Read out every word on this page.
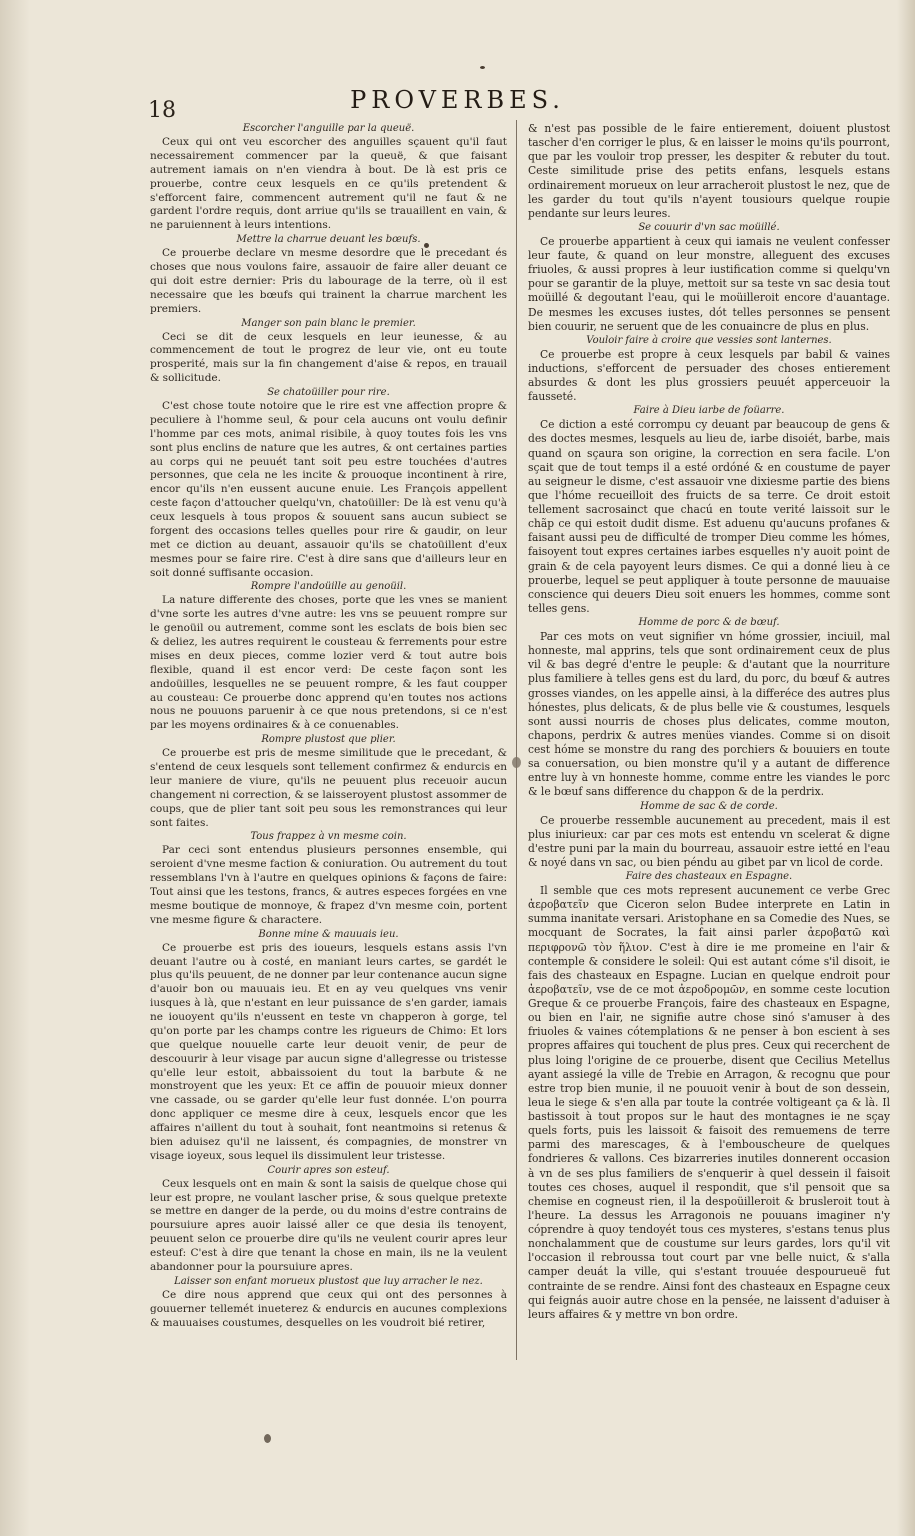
18	PROVERBES.
Escorcher l'anguille par la queuë.

Ceux qui ont veu escorcher des anguilles sçauent qu'il faut necessairement commencer par la queuë, & que faisant autrement iamais on n'en viendra à bout. De là est pris ce prouerbe, contre ceux lesquels en ce qu'ils pretendent & s'efforcent faire, commencent autrement qu'il ne faut & ne gardent l'ordre requis, dont arriue qu'ils se trauaillent en vain, & ne paruiennent à leurs intentions.

Mettre la charrue deuant les bœufs.

Ce prouerbe declare vn mesme desordre que le precedant és choses que nous voulons faire, assauoir de faire aller deuant ce qui doit estre dernier: Pris du labourage de la terre, où il est necessaire que les bœufs qui trainent la charrue marchent les premiers.

Manger son pain blanc le premier.

Ceci se dit de ceux lesquels en leur ieunesse, & au commencement de tout le progrez de leur vie, ont eu toute prosperité, mais sur la fin changement d'aise & repos, en trauail & sollicitude.

Se chatoüiller pour rire.

C'est chose toute notoire que le rire est vne affection propre & peculiere à l'homme seul, & pour cela aucuns ont voulu definir l'homme par ces mots, animal risibile, à quoy toutes fois les vns sont plus enclins de nature que les autres, & ont certaines parties au corps qui ne peuuét tant soit peu estre touchées d'autres personnes, que cela ne les incite & prouoque incontinent à rire, encor qu'ils n'en eussent aucune enuie. Les François appellent ceste façon d'attoucher quelqu'vn, chatoüiller: De là est venu qu'à ceux lesquels à tous propos & souuent sans aucun subiect se forgent des occasions telles quelles pour rire & gaudir, on leur met ce diction au deuant, assauoir qu'ils se chatoüillent d'eux mesmes pour se faire rire. C'est à dire sans que d'ailleurs leur en soit donné suffisante occasion.

Rompre l'andoüille au genoüil.

La nature differente des choses, porte que les vnes se manient d'vne sorte les autres d'vne autre: les vns se peuuent rompre sur le genoüil ou autrement, comme sont les esclats de bois bien sec & deliez, les autres requirent le cousteau & ferrements pour estre mises en deux pieces, comme lozier verd & tout autre bois flexible, quand il est encor verd: De ceste façon sont les andoüilles, lesquelles ne se peuuent rompre, & les faut coupper au cousteau: Ce prouerbe donc apprend qu'en toutes nos actions nous ne pouuons paruenir à ce que nous pretendons, si ce n'est par les moyens ordinaires & à ce conuenables.

Rompre plustost que plier.

Ce prouerbe est pris de mesme similitude que le precedant, & s'entend de ceux lesquels sont tellement confirmez & endurcis en leur maniere de viure, qu'ils ne peuuent plus receuoir aucun changement ni correction, & se laisseroyent plustost assommer de coups, que de plier tant soit peu sous les remonstrances qui leur sont faites.

Tous frappez à vn mesme coin.

Par ceci sont entendus plusieurs personnes ensemble, qui seroient d'vne mesme faction & coniuration. Ou autrement du tout ressemblans l'vn à l'autre en quelques opinions & façons de faire: Tout ainsi que les testons, francs, & autres especes forgées en vne mesme boutique de monnoye, & frapez d'vn mesme coin, portent vne mesme figure & charactere.

Bonne mine & mauuais ieu.

Ce prouerbe est pris des ioueurs, lesquels estans assis l'vn deuant l'autre ou à costé, en maniant leurs cartes, se gardét le plus qu'ils peuuent, de ne donner par leur contenance aucun signe d'auoir bon ou mauuais ieu. Et en ay veu quelques vns venir iusques à là, que n'estant en leur puissance de s'en garder, iamais ne iouoyent qu'ils n'eussent en teste vn chapperon à gorge, tel qu'on porte par les champs contre les rigueurs de Chimo: Et lors que quelque nouuelle carte leur deuoit venir, de peur de descouurir à leur visage par aucun signe d'allegresse ou tristesse qu'elle leur estoit, abbaissoient du tout la barbute & ne monstroyent que les yeux: Et ce affin de pouuoir mieux donner vne cassade, ou se garder qu'elle leur fust donnée. L'on pourra donc appliquer ce mesme dire à ceux, lesquels encor que les affaires n'aillent du tout à souhait, font neantmoins si retenus & bien aduisez qu'il ne laissent, és compagnies, de monstrer vn visage ioyeux, sous lequel ils dissimulent leur tristesse.

Courir apres son esteuf.

Ceux lesquels ont en main & sont la saisis de quelque chose qui leur est propre, ne voulant lascher prise, & sous quelque pretexte se mettre en danger de la perde, ou du moins d'estre contrains de poursuiure apres auoir laissé aller ce que desia ils tenoyent, peuuent selon ce prouerbe dire qu'ils ne veulent courir apres leur esteuf: C'est à dire que tenant la chose en main, ils ne la veulent abandonner pour la poursuiure apres.

Laisser son enfant morueux plustost que luy arracher le nez.

Ce dire nous apprend que ceux qui ont des personnes à gouuerner tellemét inueterez & endurcis en aucunes complexions & mauuaises coustumes, desquelles on les voudroit bié retirer,

& n'est pas possible de le faire entierement, doiuent plustost tascher d'en corriger le plus, & en laisser le moins qu'ils pourront, que par les vouloir trop presser, les despiter & rebuter du tout. Ceste similitude prise des petits enfans, lesquels estans ordinairement morueux on leur arracheroit plustost le nez, que de les garder du tout qu'ils n'ayent tousiours quelque roupie pendante sur leurs leures.

Se couurir d'vn sac moüillé.

Ce prouerbe appartient à ceux qui iamais ne veulent confesser leur faute, & quand on leur monstre, alleguent des excuses friuoles, & aussi propres à leur iustification comme si quelqu'vn pour se garantir de la pluye, mettoit sur sa teste vn sac desia tout moüillé & degoutant l'eau, qui le moüilleroit encore d'auantage. De mesmes les excuses iustes, dót telles personnes se pensent bien couurir, ne seruent que de les conuaincre de plus en plus.

Vouloir faire à croire que vessies sont lanternes.

Ce prouerbe est propre à ceux lesquels par babil & vaines inductions, s'efforcent de persuader des choses entierement absurdes & dont les plus grossiers peuuét apperceuoir la fausseté.

Faire à Dieu iarbe de foüarre.

Ce diction a esté corrompu cy deuant par beaucoup de gens & des doctes mesmes, lesquels au lieu de, iarbe disoiét, barbe, mais quand on sçaura son origine, la correction en sera facile. L'on sçait que de tout temps il a esté ordóné & en coustume de payer au seigneur le disme, c'est assauoir vne dixiesme partie des biens que l'hóme recueilloit des fruicts de sa terre. Ce droit estoit tellement sacrosainct que chacú en toute verité laissoit sur le chãp ce qui estoit dudit disme. Est aduenu qu'aucuns profanes & faisant aussi peu de difficulté de tromper Dieu comme les hómes, faisoyent tout expres certaines iarbes esquelles n'y auoit point de grain & de cela payoyent leurs dismes. Ce qui a donné lieu à ce prouerbe, lequel se peut appliquer à toute personne de mauuaise conscience qui deuers Dieu soit enuers les hommes, comme sont telles gens.

Homme de porc & de bœuf.

Par ces mots on veut signifier vn hóme grossier, inciuil, mal honneste, mal apprins, tels que sont ordinairement ceux de plus vil & bas degré d'entre le peuple: & d'autant que la nourriture plus familiere à telles gens est du lard, du porc, du bœuf & autres grosses viandes, on les appelle ainsi, à la differéce des autres plus hónestes, plus delicats, & de plus belle vie & coustumes, lesquels sont aussi nourris de choses plus delicates, comme mouton, chapons, perdrix & autres menües viandes. Comme si on disoit cest hóme se monstre du rang des porchiers & bouuiers en toute sa conuersation, ou bien monstre qu'il y a autant de difference entre luy à vn honneste homme, comme entre les viandes le porc & le bœuf sans difference du chappon & de la perdrix.

Homme de sac & de corde.

Ce prouerbe ressemble aucunement au precedent, mais il est plus iniurieux: car par ces mots est entendu vn scelerat & digne d'estre puni par la main du bourreau, assauoir estre ietté en l'eau & noyé dans vn sac, ou bien péndu au gibet par vn licol de corde.

Faire des chasteaux en Espagne.

Il semble que ces mots represent aucunement ce verbe Grec ἀεροβατεῖν que Ciceron selon Budee interprete en Latin in summa inanitate versari. Aristophane en sa Comedie des Nues, se mocquant de Socrates, la fait ainsi parler ἀεροβατῶ καὶ περιφρονῶ τὸν ἥλιον. C'est à dire ie me promeine en l'air & contemple & considere le soleil: Qui est autant cóme s'il disoit, ie fais des chasteaux en Espagne. Lucian en quelque endroit pour ἀεροβατεῖν, vse de ce mot ἀεροδρομῶν, en somme ceste locution Greque & ce prouerbe François, faire des chasteaux en Espagne, ou bien en l'air, ne signifie autre chose sinó s'amuser à des friuoles & vaines cótemplations & ne penser à bon escient à ses propres affaires qui touchent de plus pres. Ceux qui recerchent de plus loing l'origine de ce prouerbe, disent que Cecilius Metellus ayant assiegé la ville de Trebie en Arragon, & recognu que pour estre trop bien munie, il ne pouuoit venir à bout de son dessein, leua le siege & s'en alla par toute la contrée voltigeant ça & là. Il bastissoit à tout propos sur le haut des montagnes ie ne sçay quels forts, puis les laissoit & faisoit des remuemens de terre parmi des marescages, & à l'embouscheure de quelques fondrieres & vallons. Ces bizarreries inutiles donnerent occasion à vn de ses plus familiers de s'enquerir à quel dessein il faisoit toutes ces choses, auquel il respondit, que s'il pensoit que sa chemise en cogneust rien, il la despoüilleroit & brusleroit tout à l'heure. La dessus les Arragonois ne pouuans imaginer n'y cóprendre à quoy tendoyét tous ces mysteres, s'estans tenus plus nonchalamment que de coustume sur leurs gardes, lors qu'il vit l'occasion il rebroussa tout court par vne belle nuict, & s'alla camper deuát la ville, qui s'estant trouuée despourueuë fut contrainte de se rendre. Ainsi font des chasteaux en Espagne ceux qui feignás auoir autre chose en la pensée, ne laissent d'aduiser à leurs affaires & y mettre vn bon ordre.
